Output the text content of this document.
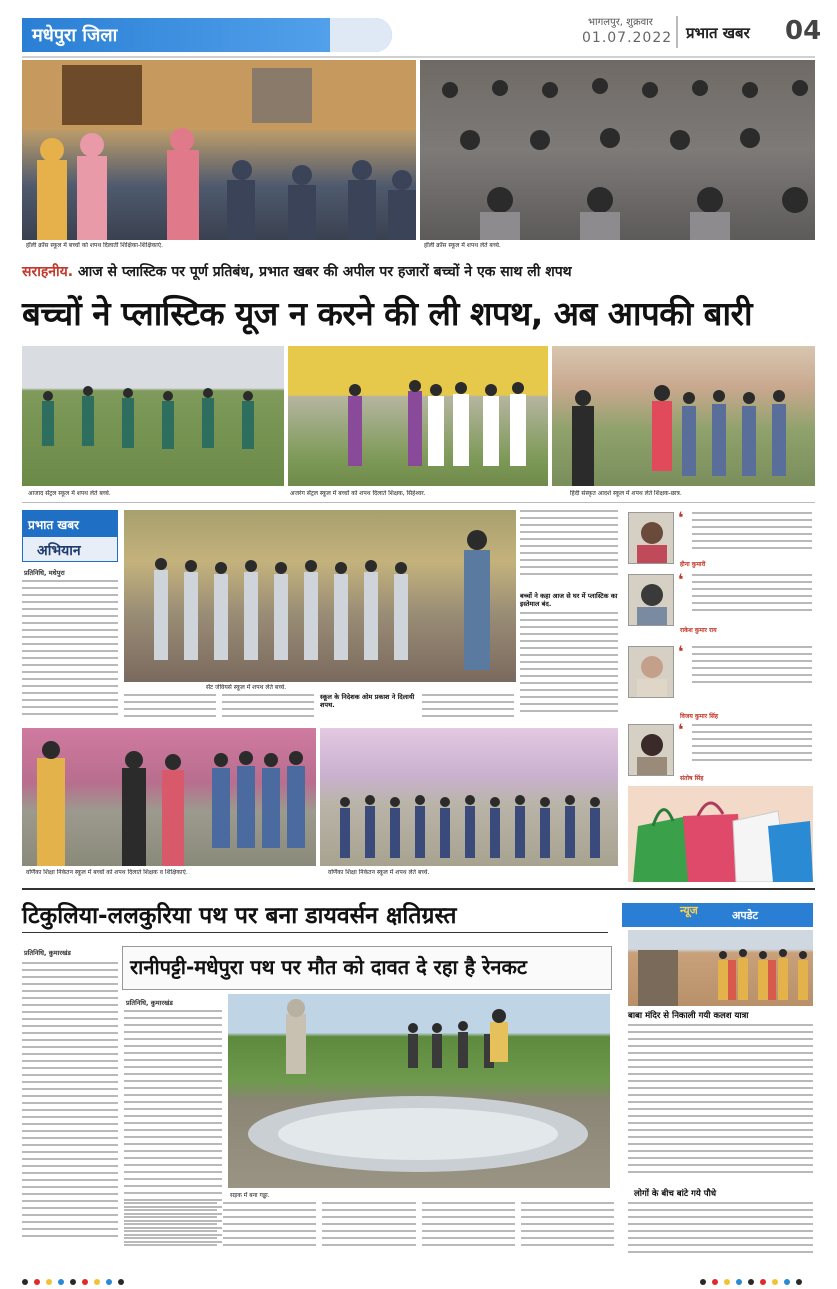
मधेपुरा जिला
भागलपुर, शुक्रवार
01.07.2022 प्रभात खबर	04
हॉली क्रॉस स्कूल में बच्चों को शपथ दिलातीं शिक्षिका-शिक्षिकाएं.	हॉली क्रॉस स्कूल में शपथ लेते बच्चे.
सराहनीय. आज से प्लास्टिक पर पूर्ण प्रतिबंध, प्रभात खबर की अपील पर हजारों बच्चों ने एक साथ ली शपथ
बच्चों ने प्लास्टिक यूज न करने की ली शपथ, अब आपकी बारी
आजाद सेंट्रल स्कूल में शपथ लेते बच्चे.	अजरंग सेंट्रल स्कूल में बच्चों को शपथ दिलाते शिक्षक, सिंहेश्वर.	हिंदी संस्कृत आदर्श स्कूल में शपथ लेते शिक्षक-छात्र.
प्रभात खबर
अभियान
प्रतिनिधि, मधेपुरा
सेंट जेवियर्स स्कूल में शपथ लेते बच्चे.
स्कूल के निदेशक ओम प्रकाश ने दिलायी शपथ.
बच्चों ने कहा आज से घर में प्लास्टिक का इस्तेमाल बंद.
वर्णिका शिक्षा निकेतन स्कूल में बच्चों को शपथ दिलाते शिक्षक व शिक्षिकाएं.	वर्णिका शिक्षा निकेतन स्कूल में शपथ लेते बच्चे.
❛
हीना कुमारी
❛
राकेश कुमार राय
❛
विजय कुमार सिंह
❛
संतोष सिंह
टिकुलिया-ललकुरिया पथ पर बना डायवर्सन क्षतिग्रस्त
प्रतिनिधि, कुमारखंड
रानीपट्टी-मधेपुरा पथ पर मौत को दावत दे रहा है रेनकट
प्रतिनिधि, कुमारखंड
सड़क में बना गड्ढा.
अपडेट
न्यूज
बाबा मंदिर से निकाली गयी कलश यात्रा
लोगों के बीच बांटे गये पौधे
